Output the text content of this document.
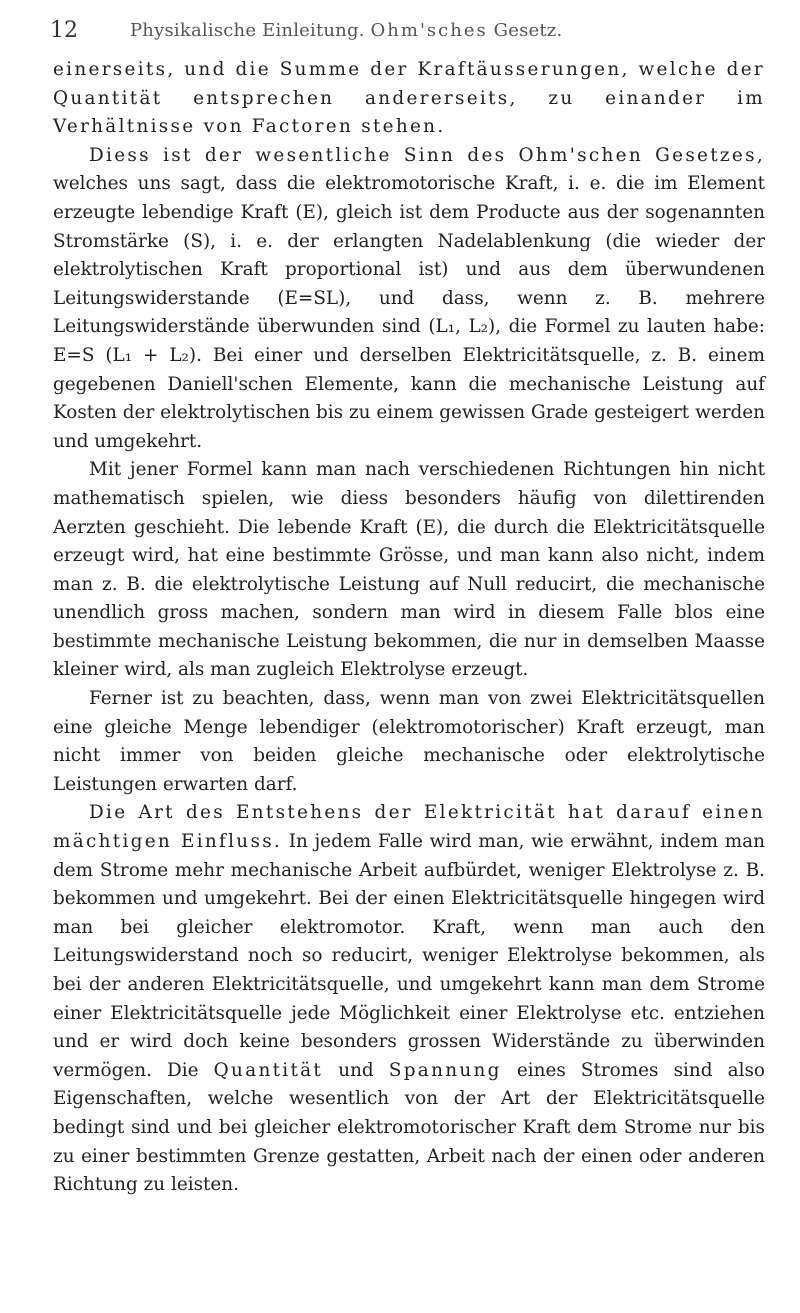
12	Physikalische Einleitung. Ohm'sches Gesetz.

einerseits, und die Summe der Kraftäusserungen, welche der Quantität entsprechen andererseits, zu einander im Verhältnisse von Factoren stehen.

Diess ist der wesentliche Sinn des Ohm'schen Gesetzes, welches uns sagt, dass die elektromotorische Kraft, i. e. die im Element erzeugte lebendige Kraft (E), gleich ist dem Producte aus der sogenannten Stromstärke (S), i. e. der erlangten Nadelablenkung (die wieder der elektrolytischen Kraft proportional ist) und aus dem überwundenen Leitungswiderstande (E=SL), und dass, wenn z. B. mehrere Leitungswiderstände überwunden sind (L₁, L₂), die Formel zu lauten habe: E=S (L₁ + L₂). Bei einer und derselben Elektricitätsquelle, z. B. einem gegebenen Daniell'schen Elemente, kann die mechanische Leistung auf Kosten der elektrolytischen bis zu einem gewissen Grade gesteigert werden und umgekehrt.

Mit jener Formel kann man nach verschiedenen Richtungen hin nicht mathematisch spielen, wie diess besonders häufig von dilettirenden Aerzten geschieht. Die lebende Kraft (E), die durch die Elektricitätsquelle erzeugt wird, hat eine bestimmte Grösse, und man kann also nicht, indem man z. B. die elektrolytische Leistung auf Null reducirt, die mechanische unendlich gross machen, sondern man wird in diesem Falle blos eine bestimmte mechanische Leistung bekommen, die nur in demselben Maasse kleiner wird, als man zugleich Elektrolyse erzeugt.

Ferner ist zu beachten, dass, wenn man von zwei Elektricitätsquellen eine gleiche Menge lebendiger (elektromotorischer) Kraft erzeugt, man nicht immer von beiden gleiche mechanische oder elektrolytische Leistungen erwarten darf.

Die Art des Entstehens der Elektricität hat darauf einen mächtigen Einfluss. In jedem Falle wird man, wie erwähnt, indem man dem Strome mehr mechanische Arbeit aufbürdet, weniger Elektrolyse z. B. bekommen und umgekehrt. Bei der einen Elektricitätsquelle hingegen wird man bei gleicher elektromotor. Kraft, wenn man auch den Leitungswiderstand noch so reducirt, weniger Elektrolyse bekommen, als bei der anderen Elektricitätsquelle, und umgekehrt kann man dem Strome einer Elektricitätsquelle jede Möglichkeit einer Elektrolyse etc. entziehen und er wird doch keine besonders grossen Widerstände zu überwinden vermögen. Die Quantität und Spannung eines Stromes sind also Eigenschaften, welche wesentlich von der Art der Elektricitätsquelle bedingt sind und bei gleicher elektromotorischer Kraft dem Strome nur bis zu einer bestimmten Grenze gestatten, Arbeit nach der einen oder anderen Richtung zu leisten.
